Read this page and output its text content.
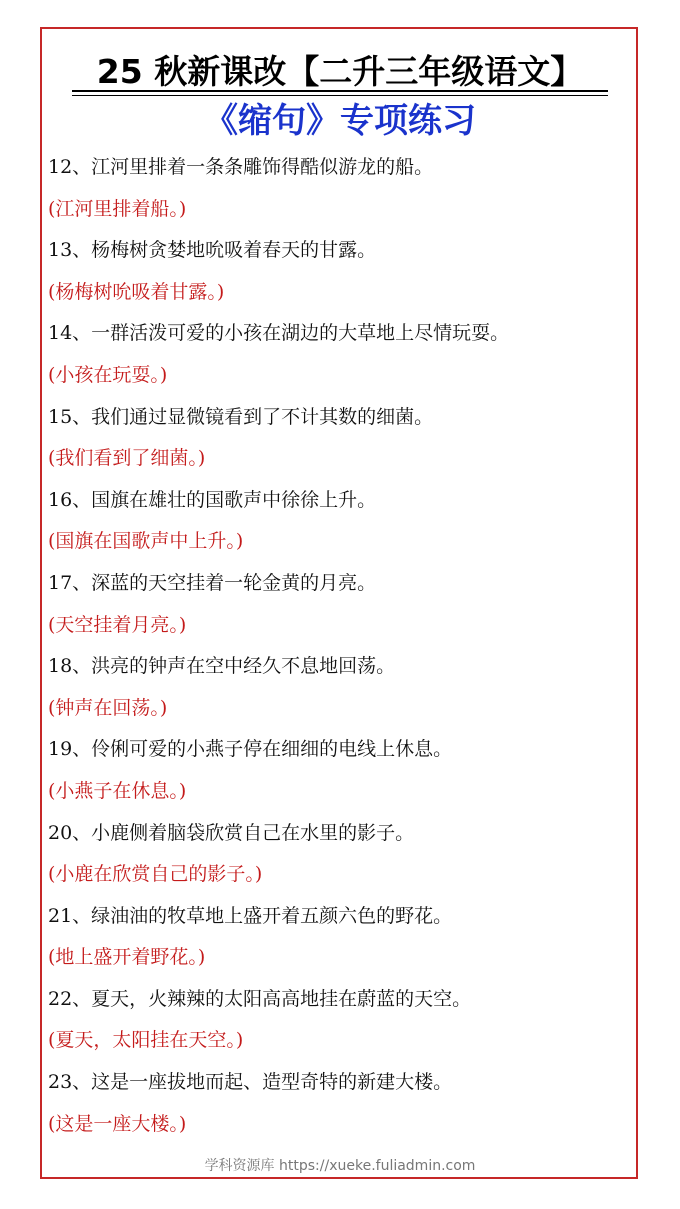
25 秋新课改【二升三年级语文】
《缩句》专项练习
12、江河里排着一条条雕饰得酷似游龙的船。
(江河里排着船。)
13、杨梅树贪婪地吮吸着春天的甘露。
(杨梅树吮吸着甘露。)
14、一群活泼可爱的小孩在湖边的大草地上尽情玩耍。
(小孩在玩耍。)
15、我们通过显微镜看到了不计其数的细菌。
(我们看到了细菌。)
16、国旗在雄壮的国歌声中徐徐上升。
(国旗在国歌声中上升。)
17、深蓝的天空挂着一轮金黄的月亮。
(天空挂着月亮。)
18、洪亮的钟声在空中经久不息地回荡。
(钟声在回荡。)
19、伶俐可爱的小燕子停在细细的电线上休息。
(小燕子在休息。)
20、小鹿侧着脑袋欣赏自己在水里的影子。
(小鹿在欣赏自己的影子。)
21、绿油油的牧草地上盛开着五颜六色的野花。
(地上盛开着野花。)
22、夏天，火辣辣的太阳高高地挂在蔚蓝的天空。
(夏天，太阳挂在天空。)
23、这是一座拔地而起、造型奇特的新建大楼。
(这是一座大楼。)
学科资源库 https://xueke.fuliadmin.com
